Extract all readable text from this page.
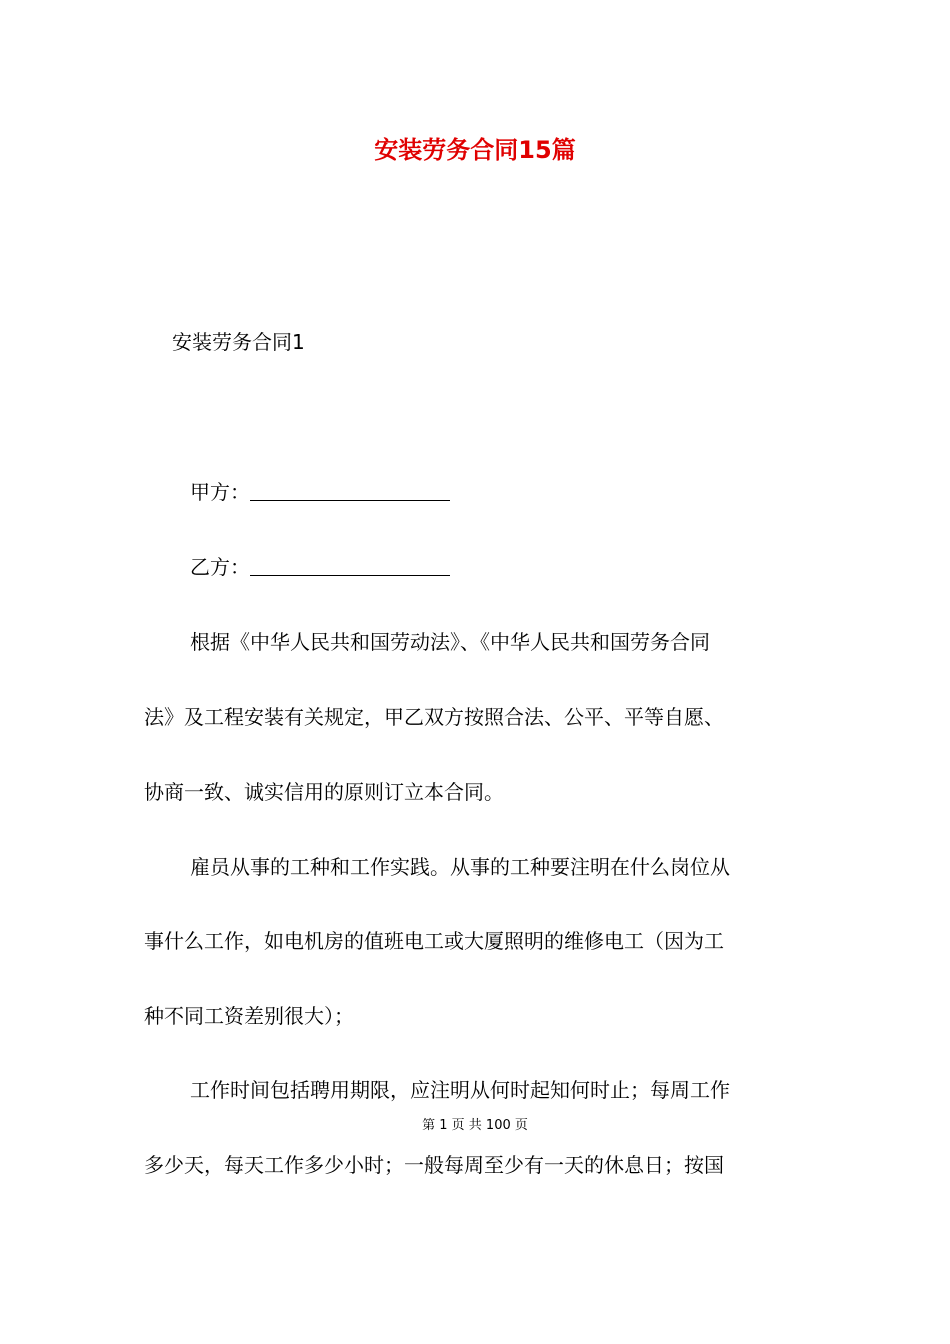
安装劳务合同15篇
安装劳务合同1
甲方：
乙方：
根据《中华人民共和国劳动法》、《中华人民共和国劳务合同
法》及工程安装有关规定，甲乙双方按照合法、公平、平等自愿、
协商一致、诚实信用的原则订立本合同。
雇员从事的工种和工作实践。从事的工种要注明在什么岗位从
事什么工作，如电机房的值班电工或大厦照明的维修电工（因为工
种不同工资差别很大）；
工作时间包括聘用期限，应注明从何时起知何时止；每周工作
第 1 页 共 100 页
多少天，每天工作多少小时；一般每周至少有一天的休息日；按国
